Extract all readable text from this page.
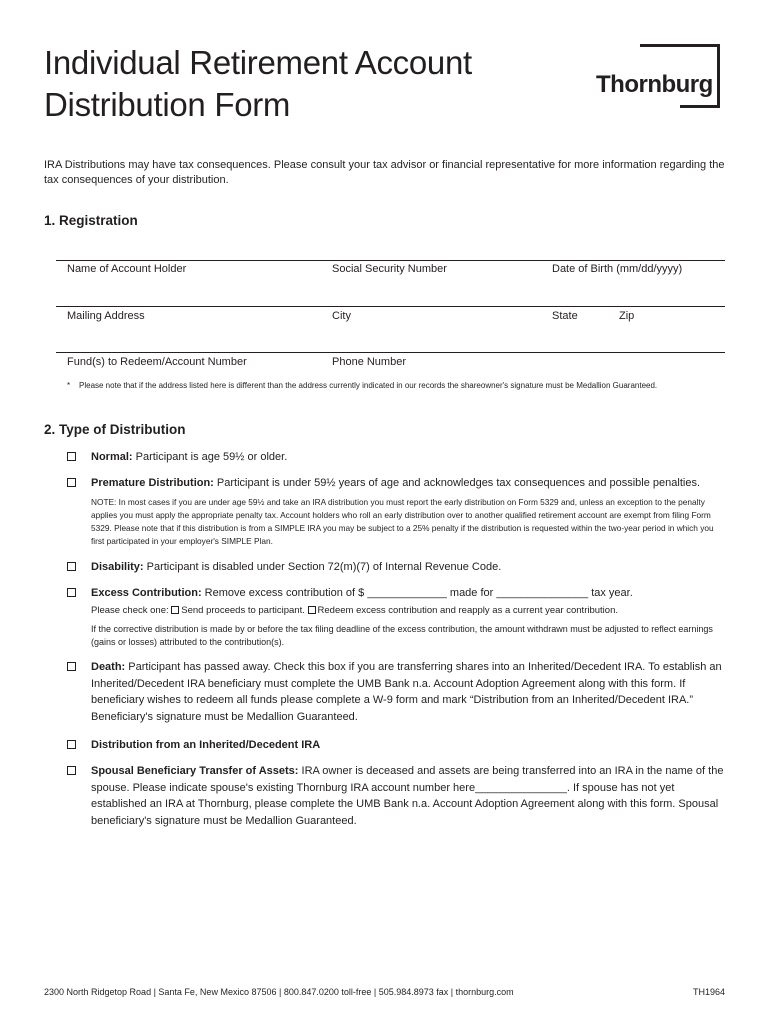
Individual Retirement Account
Distribution Form
Thornburg
IRA Distributions may have tax consequences. Please consult your tax advisor or financial representative for more information regarding the tax consequences of your distribution.
1. Registration
Name of Account Holder	Social Security Number	Date of Birth (mm/dd/yyyy)
Mailing Address	City	State	Zip
Fund(s) to Redeem/Account Number	Phone Number
* Please note that if the address listed here is different than the address currently indicated in our records the shareowner's signature must be Medallion Guaranteed.
2. Type of Distribution
Normal: Participant is age 59½ or older.
Premature Distribution: Participant is under 59½ years of age and acknowledges tax consequences and possible penalties.
NOTE: In most cases if you are under age 59½ and take an IRA distribution you must report the early distribution on Form 5329 and, unless an exception to the penalty applies you must apply the appropriate penalty tax. Account holders who roll an early distribution over to another qualified retirement account are exempt from filing Form 5329. Please note that if this distribution is from a SIMPLE IRA you may be subject to a 25% penalty if the distribution is requested within the two-year period in which you first participated in your employer's SIMPLE Plan.
Disability: Participant is disabled under Section 72(m)(7) of Internal Revenue Code.
Excess Contribution: Remove excess contribution of $ _____________ made for _______________ tax year.
Please check one: Send proceeds to participant. Redeem excess contribution and reapply as a current year contribution.
If the corrective distribution is made by or before the tax filing deadline of the excess contribution, the amount withdrawn must be adjusted to reflect earnings (gains or losses) attributed to the contribution(s).
Death: Participant has passed away. Check this box if you are transferring shares into an Inherited/Decedent IRA. To establish an Inherited/Decedent IRA beneficiary must complete the UMB Bank n.a. Account Adoption Agreement along with this form. If beneficiary wishes to redeem all funds please complete a W-9 form and mark “Distribution from an Inherited/Decedent IRA.” Beneficiary's signature must be Medallion Guaranteed.
Distribution from an Inherited/Decedent IRA
Spousal Beneficiary Transfer of Assets: IRA owner is deceased and assets are being transferred into an IRA in the name of the spouse. Please indicate spouse's existing Thornburg IRA account number here_______________. If spouse has not yet established an IRA at Thornburg, please complete the UMB Bank n.a. Account Adoption Agreement along with this form. Spousal beneficiary's signature must be Medallion Guaranteed.
2300 North Ridgetop Road | Santa Fe, New Mexico 87506 | 800.847.0200 toll-free | 505.984.8973 fax | thornburg.com	TH1964
